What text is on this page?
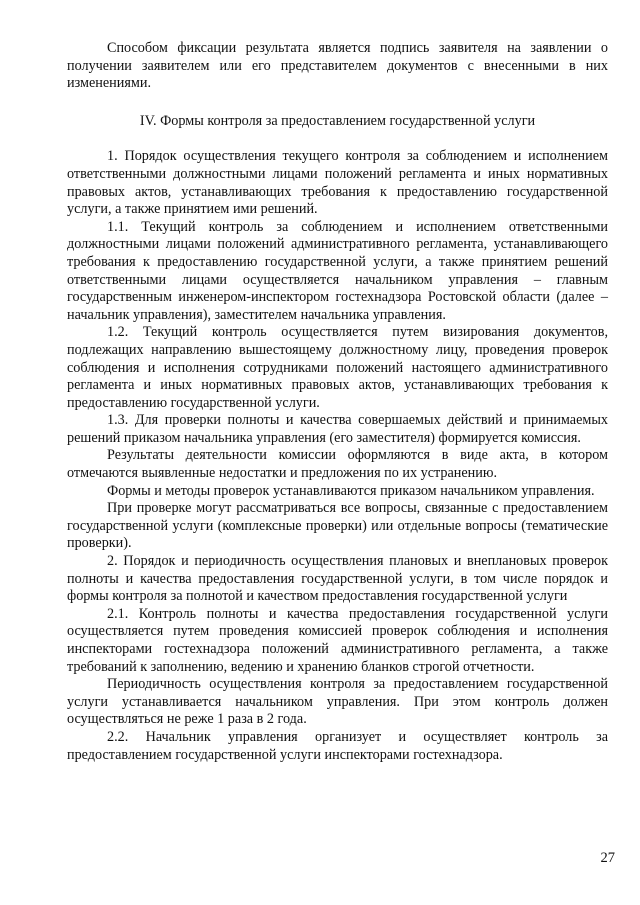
Способом фиксации результата является подпись заявителя на заявлении о получении заявителем или его представителем документов с внесенными в них изменениями.

IV. Формы контроля за предоставлением государственной услуги

1. Порядок осуществления текущего контроля за соблюдением и исполнением ответственными должностными лицами положений регламента и иных нормативных правовых актов, устанавливающих требования к предоставлению государственной услуги, а также принятием ими решений.

1.1. Текущий контроль за соблюдением и исполнением ответственными должностными лицами положений административного регламента, устанавливающего требования к предоставлению государственной услуги, а также принятием решений ответственными лицами осуществляется начальником управления – главным государственным инженером-инспектором гостехнадзора Ростовской области (далее – начальник управления), заместителем начальника управления.

1.2. Текущий контроль осуществляется путем визирования документов, подлежащих направлению вышестоящему должностному лицу, проведения проверок соблюдения и исполнения сотрудниками положений настоящего административного регламента и иных нормативных правовых актов, устанавливающих требования к предоставлению государственной услуги.

1.3. Для проверки полноты и качества совершаемых действий и принимаемых решений приказом начальника управления (его заместителя) формируется комиссия.

Результаты деятельности комиссии оформляются в виде акта, в котором отмечаются выявленные недостатки и предложения по их устранению.

Формы и методы проверок устанавливаются приказом начальником управления.

При проверке могут рассматриваться все вопросы, связанные с предоставлением государственной услуги (комплексные проверки) или отдельные вопросы (тематические проверки).

2. Порядок и периодичность осуществления плановых и внеплановых проверок полноты и качества предоставления государственной услуги, в том числе порядок и формы контроля за полнотой и качеством предоставления государственной услуги

2.1. Контроль полноты и качества предоставления государственной услуги осуществляется путем проведения комиссией проверок соблюдения и исполнения инспекторами гостехнадзора положений административного регламента, а также требований к заполнению, ведению и хранению бланков строгой отчетности.

Периодичность осуществления контроля за предоставлением государственной услуги устанавливается начальником управления. При этом контроль должен осуществляться не реже 1 раза в 2 года.

2.2. Начальник управления организует и осуществляет контроль за предоставлением государственной услуги инспекторами гостехнадзора.

27
